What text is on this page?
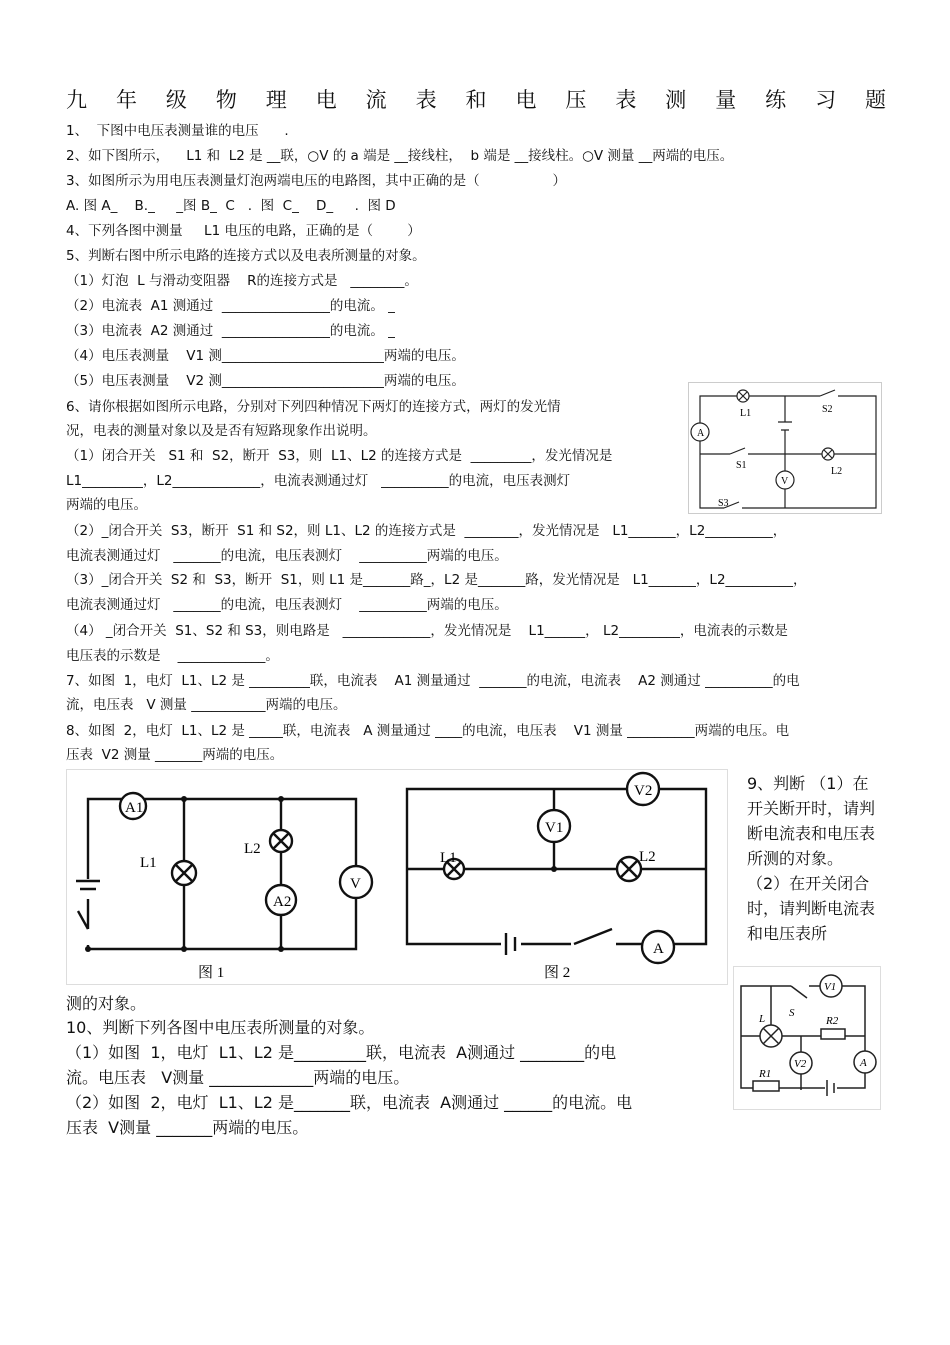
九 年 级 物 理 电 流 表 和 电 压 表 测 量 练 习 题
1、  下图中电压表测量谁的电压      .
2、如下图所示，    L1 和  L2 是 __联，○V 的 a 端是 __接线柱，  b 端是 __接线柱。○V 测量 __两端的电压。
3、如图所示为用电压表测量灯泡两端电压的电路图，其中正确的是（                 ）
A. 图 A_    B._     _图 B_  C   .  图  C_    D_     .  图 D
4、下列各图中测量     L1 电压的电路，正确的是（        ）
5、判断右图中所示电路的连接方式以及电表所测量的对象。
（1）灯泡  L 与滑动变阻器    R的连接方式是   ________。
（2）电流表  A1 测通过  ________________的电流。 _
（3）电流表  A2 测通过  ________________的电流。 _
（4）电压表测量    V1 测________________________两端的电压。
（5）电压表测量    V2 测________________________两端的电压。
6、请你根据如图所示电路，分别对下列四种情况下两灯的连接方式，两灯的发光情
况，电表的测量对象以及是否有短路现象作出说明。
（1）闭合开关   S1 和  S2，断开  S3，则  L1、L2 的连接方式是  _________，发光情况是
L1_________，L2_____________，电流表测通过灯   __________的电流，电压表测灯
两端的电压。
（2）_闭合开关  S3，断开  S1 和 S2，则 L1、L2 的连接方式是  ________，发光情况是   L1_______，L2__________，
电流表测通过灯   _______的电流，电压表测灯    __________两端的电压。
（3）_闭合开关  S2 和  S3，断开  S1，则 L1 是_______路_，L2 是_______路，发光情况是   L1_______，L2__________，
电流表测通过灯   _______的电流，电压表测灯    __________两端的电压。
（4） _闭合开关  S1、S2 和 S3，则电路是   _____________，发光情况是    L1______， L2_________，电流表的示数是
电压表的示数是    _____________。
7、如图  1，电灯  L1、L2 是 _________联，电流表    A1 测量通过  _______的电流，电流表    A2 测通过 __________的电
流，电压表   V 测量 ___________两端的电压。
8、如图  2，电灯  L1、L2 是 _____联，电流表   A 测量通过 ____的电流，电压表    V1 测量 __________两端的电压。电
压表  V2 测量 _______两端的电压。
A
V
L1
L2
S2
S1
S3
A1
A2
V
L1
L2
图 1
V2
V1
L1	L2
A
图 2
9、判断 （1）在开关断开时，请判断电流表和电压表所测的对象。 （2）在开关闭合时，请判断电流表和电压表所
L S
V1
V2	A
R2
R1
测的对象。
10、判断下列各图中电压表所测量的对象。
（1）如图  1，电灯  L1、L2 是_________联，电流表  A测通过 ________的电
流。电压表   V测量 _____________两端的电压。
（2）如图  2，电灯  L1、L2 是_______联，电流表  A测通过 ______的电流。电
压表  V测量 _______两端的电压。
